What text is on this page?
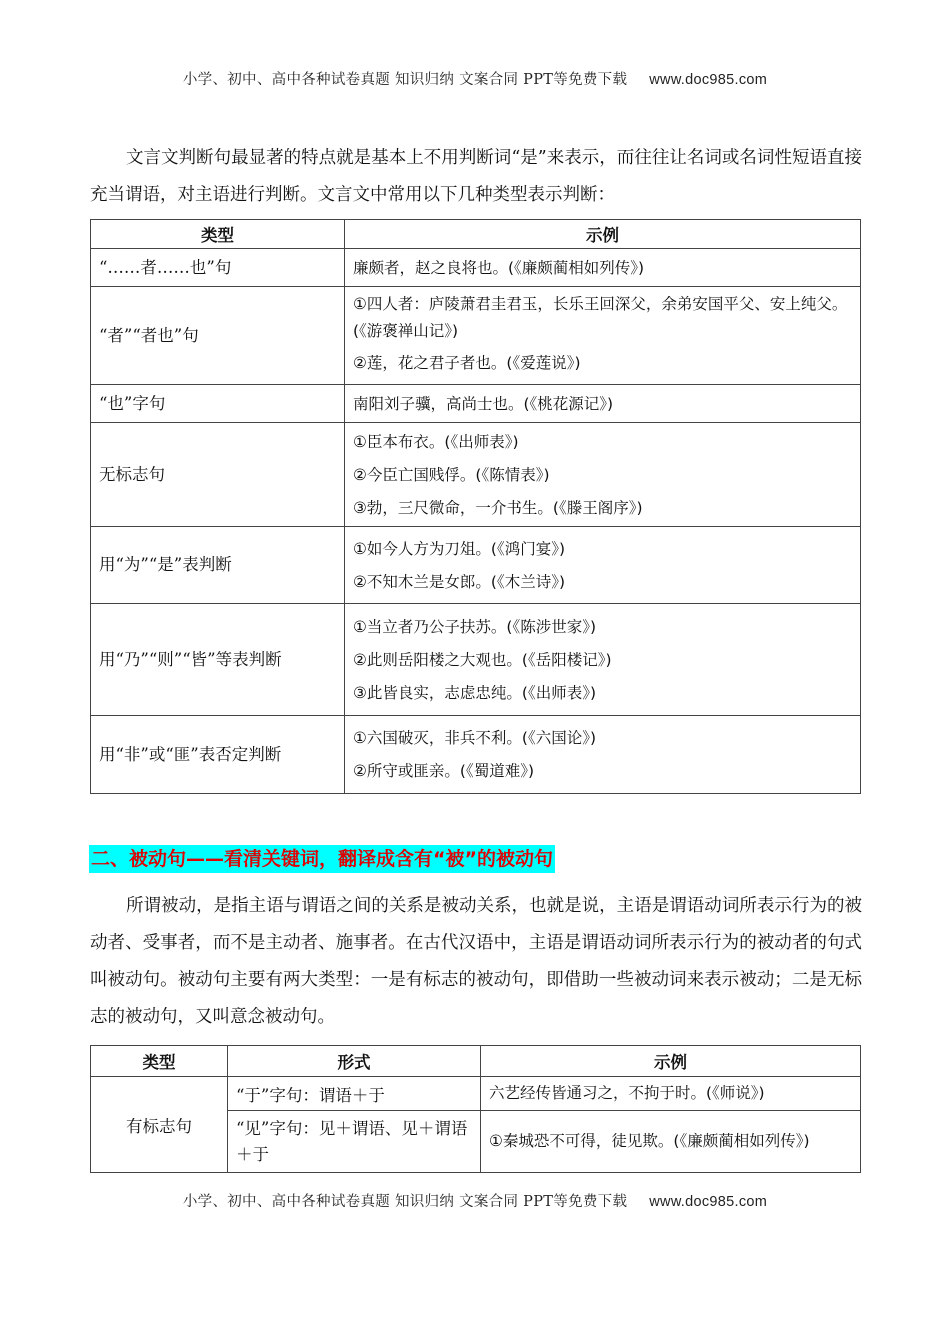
小学、初中、高中各种试卷真题 知识归纳 文案合同 PPT等免费下载 www.doc985.com
文言文判断句最显著的特点就是基本上不用判断词“是”来表示，而往往让名词或名词性短语直接充当谓语，对主语进行判断。文言文中常用以下几种类型表示判断：
类型	示例
“……者……也”句	廉颇者，赵之良将也。(《廉颇蔺相如列传》)

“者”“者也”句	①四人者：庐陵萧君圭君玉，长乐王回深父，余弟安国平父、安上纯父。(《游褒禅山记》)
②莲，花之君子者也。(《爱莲说》)

“也”字句	南阳刘子骥，高尚士也。(《桃花源记》)

无标志句	①臣本布衣。(《出师表》)
②今臣亡国贱俘。(《陈情表》)
③勃，三尺微命，一介书生。(《滕王阁序》)

用“为”“是”表判断	①如今人方为刀俎。(《鸿门宴》)
②不知木兰是女郎。(《木兰诗》)

用“乃”“则”“皆”等表判断	①当立者乃公子扶苏。(《陈涉世家》)
②此则岳阳楼之大观也。(《岳阳楼记》)
③此皆良实，志虑忠纯。(《出师表》)

用“非”或“匪”表否定判断	①六国破灭，非兵不利。(《六国论》)
②所守或匪亲。(《蜀道难》)
二、被动句——看清关键词，翻译成含有“被”的被动句
所谓被动，是指主语与谓语之间的关系是被动关系，也就是说，主语是谓语动词所表示行为的被动者、受事者，而不是主动者、施事者。在古代汉语中，主语是谓语动词所表示行为的被动者的句式叫被动句。被动句主要有两大类型：一是有标志的被动句，即借助一些被动词来表示被动；二是无标志的被动句，又叫意念被动句。
类型	形式	示例
有标志句	“于”字句：谓语＋于	六艺经传皆通习之，不拘于时。(《师说》)
	“见”字句：见＋谓语、见＋谓语＋于	①秦城恐不可得，徒见欺。(《廉颇蔺相如列传》)
小学、初中、高中各种试卷真题 知识归纳 文案合同 PPT等免费下载 www.doc985.com
